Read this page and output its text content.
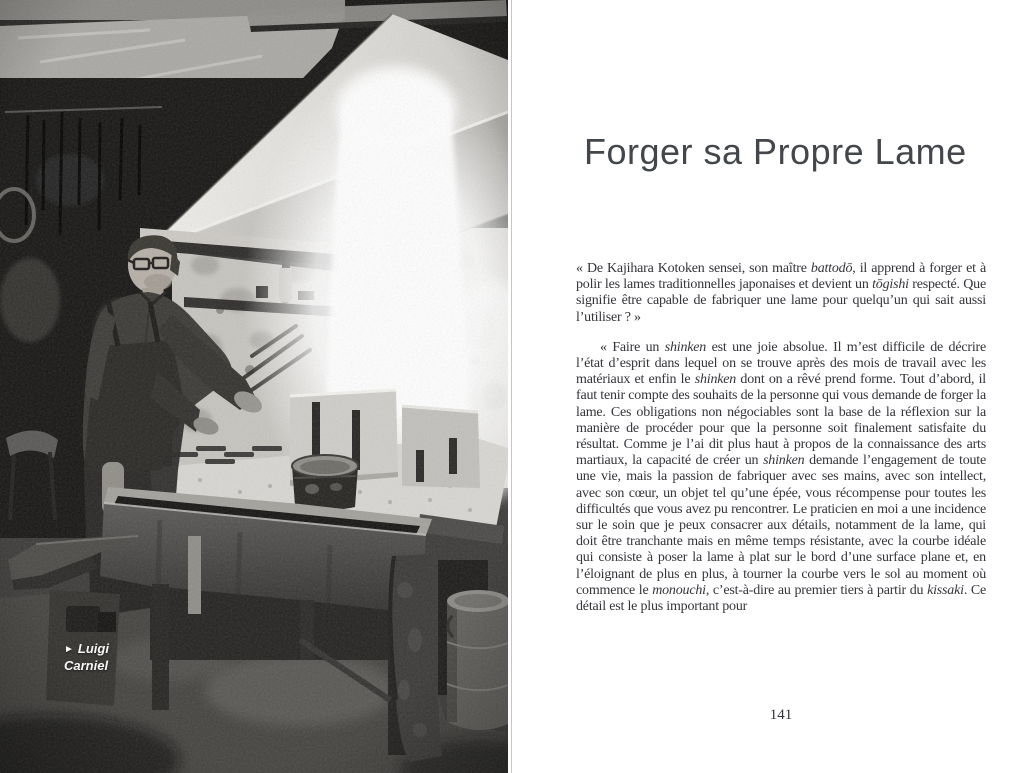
► Luigi
Carniel
Forger sa Propre Lame

« De Kajihara Kotoken sensei, son maître battodō, il apprend à forger et à polir les lames traditionnelles japonaises et devient un tōgishi respecté. Que signifie être capable de fabriquer une lame pour quelqu’un qui sait aussi l’utiliser ? »

« Faire un shinken est une joie absolue. Il m’est difficile de décrire l’état d’esprit dans lequel on se trouve après des mois de travail avec les matériaux et enfin le shinken dont on a rêvé prend forme. Tout d’abord, il faut tenir compte des souhaits de la personne qui vous demande de forger la lame. Ces obligations non négociables sont la base de la réflexion sur la manière de procéder pour que la personne soit finalement satisfaite du résultat. Comme je l’ai dit plus haut à propos de la connaissance des arts martiaux, la capacité de créer un shinken demande l’engagement de toute une vie, mais la passion de fabriquer avec ses mains, avec son intellect, avec son cœur, un objet tel qu’une épée, vous récompense pour toutes les difficultés que vous avez pu rencontrer. Le praticien en moi a une incidence sur le soin que je peux consacrer aux détails, notamment de la lame, qui doit être tranchante mais en même temps résistante, avec la courbe idéale qui consiste à poser la lame à plat sur le bord d’une surface plane et, en l’éloignant de plus en plus, à tourner la courbe vers le sol au moment où commence le monouchi, c’est-à-dire au premier tiers à partir du kissaki. Ce détail est le plus important pour

141
